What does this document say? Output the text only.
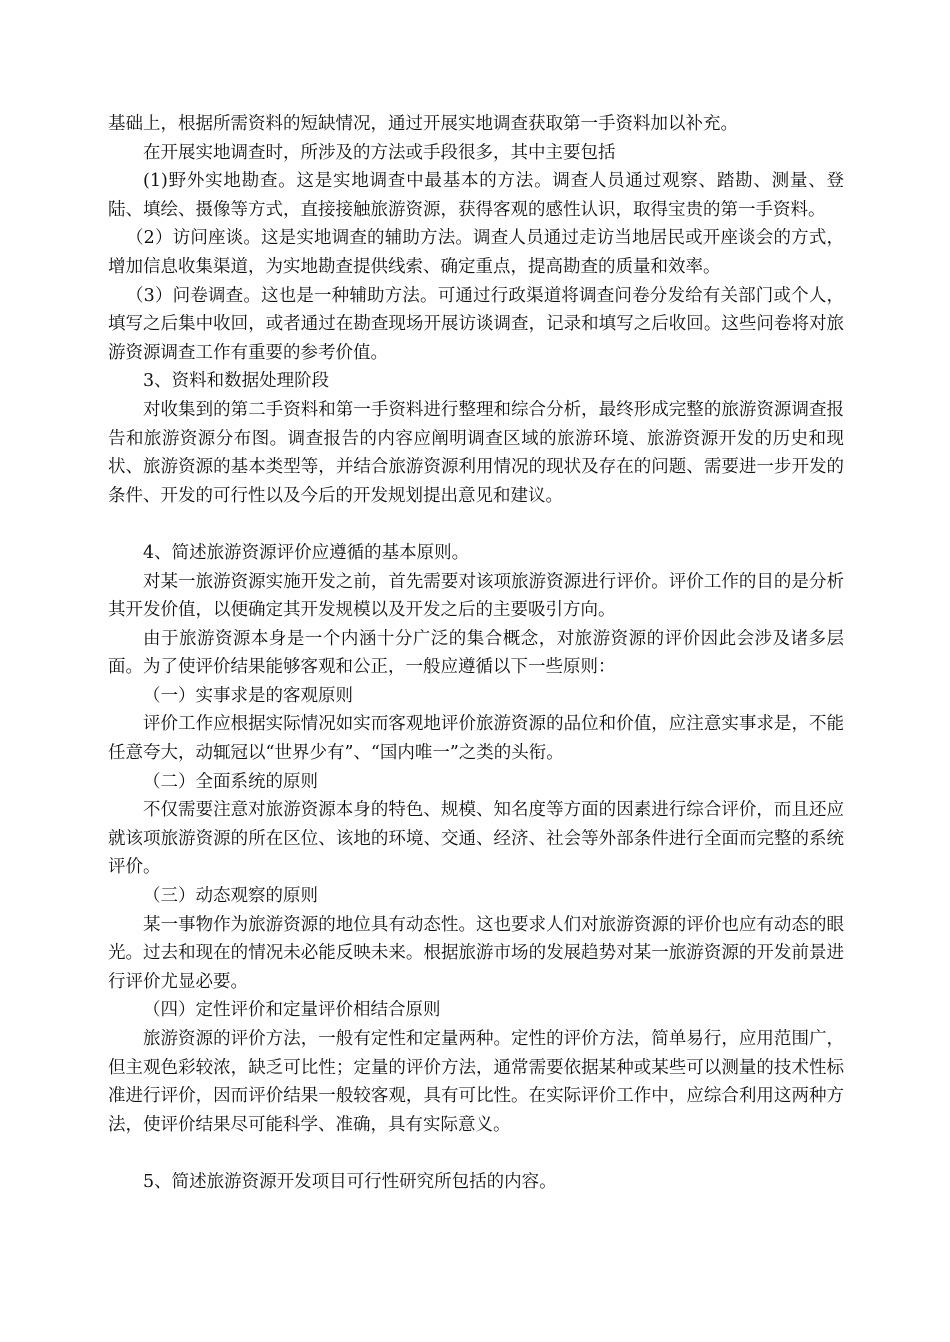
基础上，根据所需资料的短缺情况，通过开展实地调查获取第一手资料加以补充。

在开展实地调查时，所涉及的方法或手段很多，其中主要包括

(1)野外实地勘查。这是实地调查中最基本的方法。调查人员通过观察、踏勘、测量、登陆、填绘、摄像等方式，直接接触旅游资源，获得客观的感性认识，取得宝贵的第一手资料。

（2）访问座谈。这是实地调查的辅助方法。调查人员通过走访当地居民或开座谈会的方式，增加信息收集渠道，为实地勘查提供线索、确定重点，提高勘查的质量和效率。

（3）问卷调查。这也是一种辅助方法。可通过行政渠道将调查问卷分发给有关部门或个人，填写之后集中收回，或者通过在勘查现场开展访谈调查，记录和填写之后收回。这些问卷将对旅游资源调查工作有重要的参考价值。

3、资料和数据处理阶段

对收集到的第二手资料和第一手资料进行整理和综合分析，最终形成完整的旅游资源调查报告和旅游资源分布图。调查报告的内容应阐明调查区域的旅游环境、旅游资源开发的历史和现状、旅游资源的基本类型等，并结合旅游资源利用情况的现状及存在的问题、需要进一步开发的条件、开发的可行性以及今后的开发规划提出意见和建议。

4、简述旅游资源评价应遵循的基本原则。

对某一旅游资源实施开发之前，首先需要对该项旅游资源进行评价。评价工作的目的是分析其开发价值，以便确定其开发规模以及开发之后的主要吸引方向。

由于旅游资源本身是一个内涵十分广泛的集合概念，对旅游资源的评价因此会涉及诸多层面。为了使评价结果能够客观和公正，一般应遵循以下一些原则：

（一）实事求是的客观原则

评价工作应根据实际情况如实而客观地评价旅游资源的品位和价值，应注意实事求是，不能任意夸大，动辄冠以“世界少有”、“国内唯一”之类的头衔。

（二）全面系统的原则

不仅需要注意对旅游资源本身的特色、规模、知名度等方面的因素进行综合评价，而且还应就该项旅游资源的所在区位、该地的环境、交通、经济、社会等外部条件进行全面而完整的系统评价。

（三）动态观察的原则

某一事物作为旅游资源的地位具有动态性。这也要求人们对旅游资源的评价也应有动态的眼光。过去和现在的情况未必能反映未来。根据旅游市场的发展趋势对某一旅游资源的开发前景进行评价尤显必要。

（四）定性评价和定量评价相结合原则

旅游资源的评价方法，一般有定性和定量两种。定性的评价方法，简单易行，应用范围广，但主观色彩较浓，缺乏可比性；定量的评价方法，通常需要依据某种或某些可以测量的技术性标准进行评价，因而评价结果一般较客观，具有可比性。在实际评价工作中，应综合利用这两种方法，使评价结果尽可能科学、准确，具有实际意义。

5、简述旅游资源开发项目可行性研究所包括的内容。
